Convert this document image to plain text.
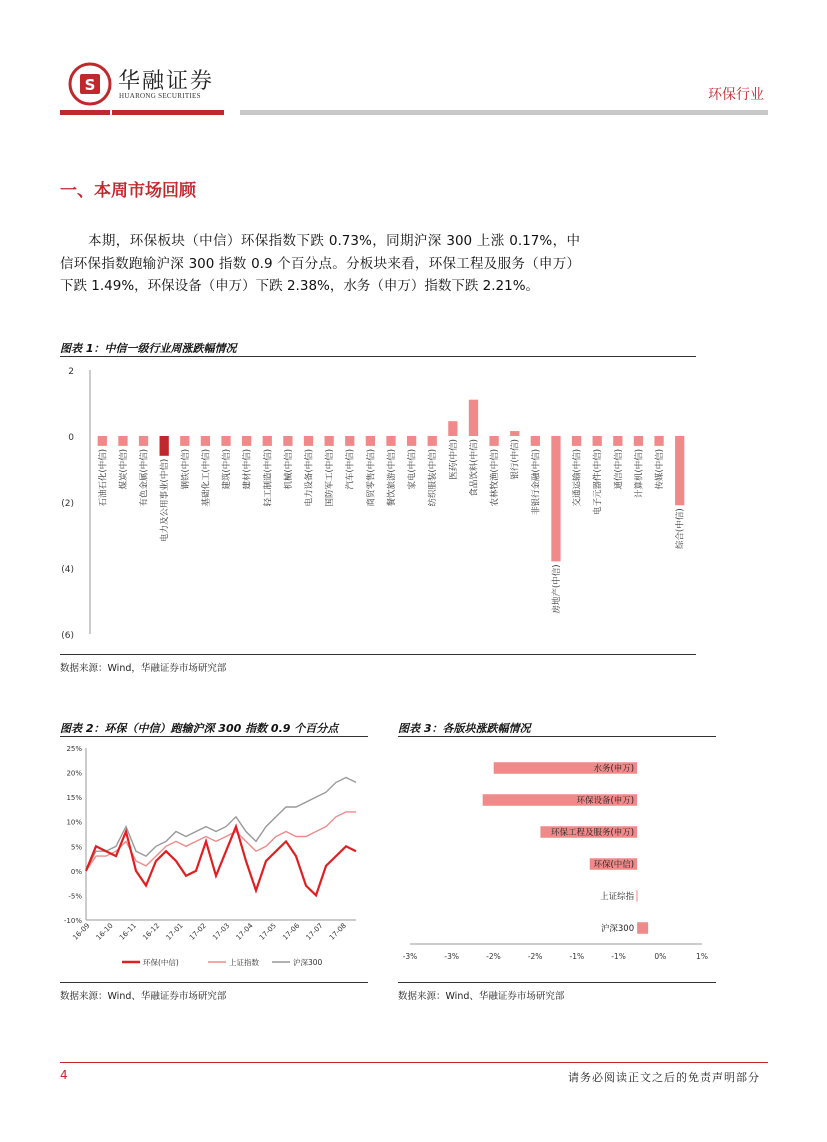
S 华融证券
HUARONG SECURITIES	环保行业
一、本周市场回顾
本期，环保板块（中信）环保指数下跌 0.73%，同期沪深 300 上涨 0.17%，中信环保指数跑输沪深 300 指数 0.9 个百分点。分板块来看，环保工程及服务（申万）下跌 1.49%，环保设备（申万）下跌 2.38%，水务（申万）指数下跌 2.21%。
图表 1：中信一级行业周涨跌幅情况
2
0
(2)
(4)
(6)
石油石化(中信) 煤炭(中信) 有色金属(中信) 电力及公用事业(中信) 钢铁(中信) 基础化工(中信) 建筑(中信) 建材(中信) 轻工制造(中信) 机械(中信) 电力设备(中信) 国防军工(中信) 汽车(中信) 商贸零售(中信) 餐饮旅游(中信) 家电(中信) 纺织服装(中信) 医药(中信) 食品饮料(中信) 农林牧渔(中信) 银行(中信) 非银行金融(中信)
房地产(中信)
交通运输(中信) 电子元器件(中信) 通信(中信) 计算机(中信) 传媒(中信)
综合(中信)
数据来源：Wind，华融证券市场研究部
图表 2：环保（中信）跑输沪深 300 指数 0.9 个百分点
25%
20%
15%
10%
5%
0%
-5%
-10%
16-09 16-10 16-11 16-12 17-01 17-02 17-03 17-04 17-05 17-06 17-07 17-08
环保(中信)	上证指数	沪深300
数据来源：Wind、华融证券市场研究部
图表 3：各版块涨跌幅情况
-3%	-3%	-2%	-2%	-1%	-1%	0%	1%
水务(申万)
环保设备(申万)
环保工程及服务(申万)
环保(中信)
上证综指
沪深300
数据来源：Wind、华融证券市场研究部
4	请务必阅读正文之后的免责声明部分
